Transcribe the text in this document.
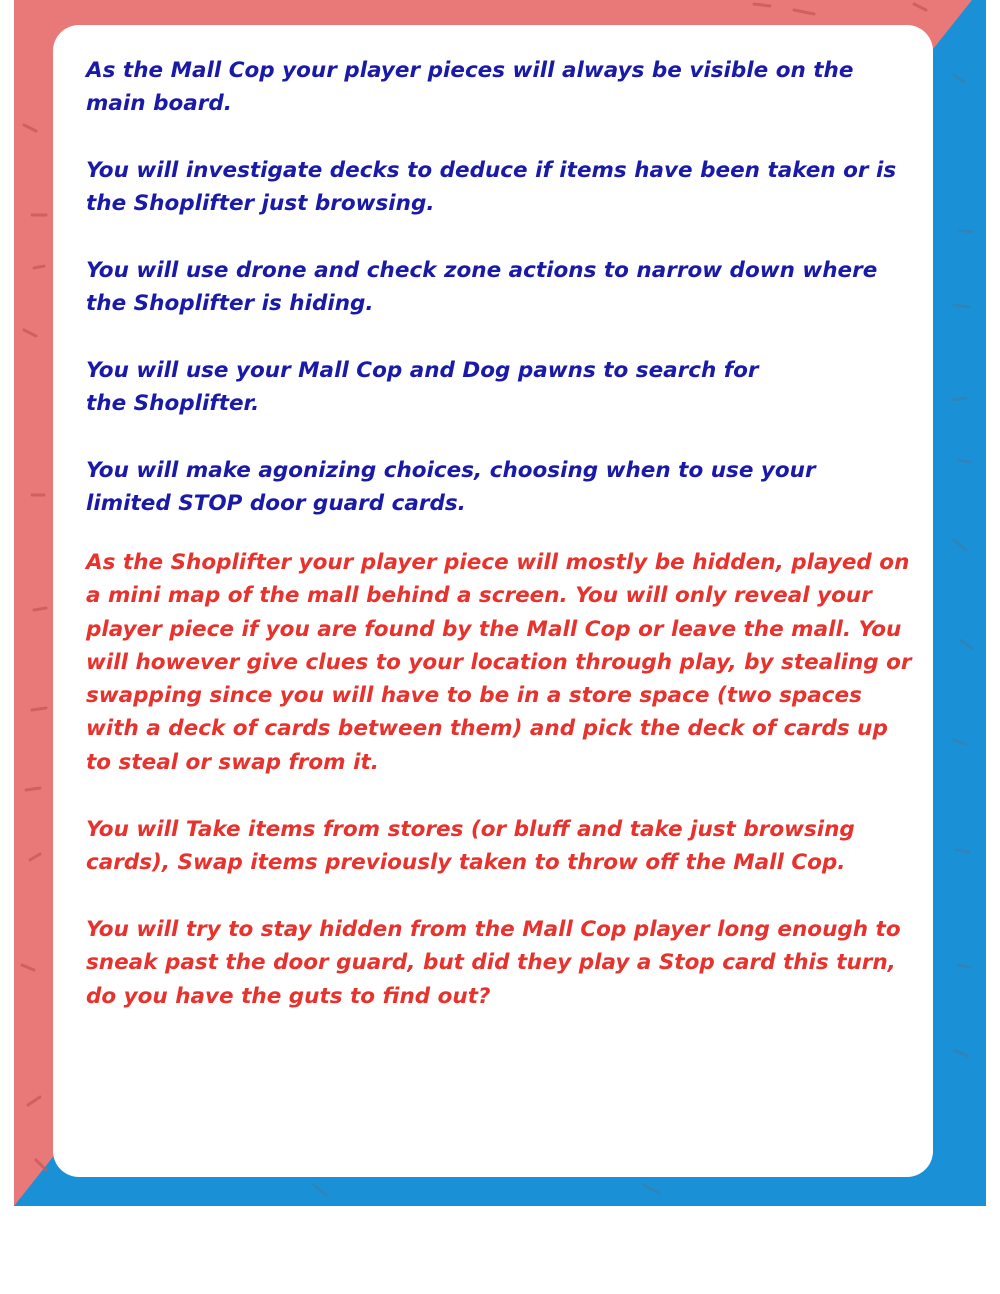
As the Mall Cop your player pieces will always be visible on the main board.

You will investigate decks to deduce if items have been taken or is the Shoplifter just browsing.

You will use drone and check zone actions to narrow down where the Shoplifter is hiding.

You will use your Mall Cop and Dog pawns to search for the Shoplifter.

You will make agonizing choices, choosing when to use your limited STOP door guard cards.

As the Shoplifter your player piece will mostly be hidden, played on a mini map of the mall behind a screen. You will only reveal your player piece if you are found by the Mall Cop or leave the mall. You will however give clues to your location through play, by stealing or swapping since you will have to be in a store space (two spaces with a deck of cards between them) and pick the deck of cards up to steal or swap from it.

You will Take items from stores (or bluff and take just browsing cards), Swap items previously taken to throw off the Mall Cop.

You will try to stay hidden from the Mall Cop player long enough to sneak past the door guard, but did they play a Stop card this turn, do you have the guts to find out?
